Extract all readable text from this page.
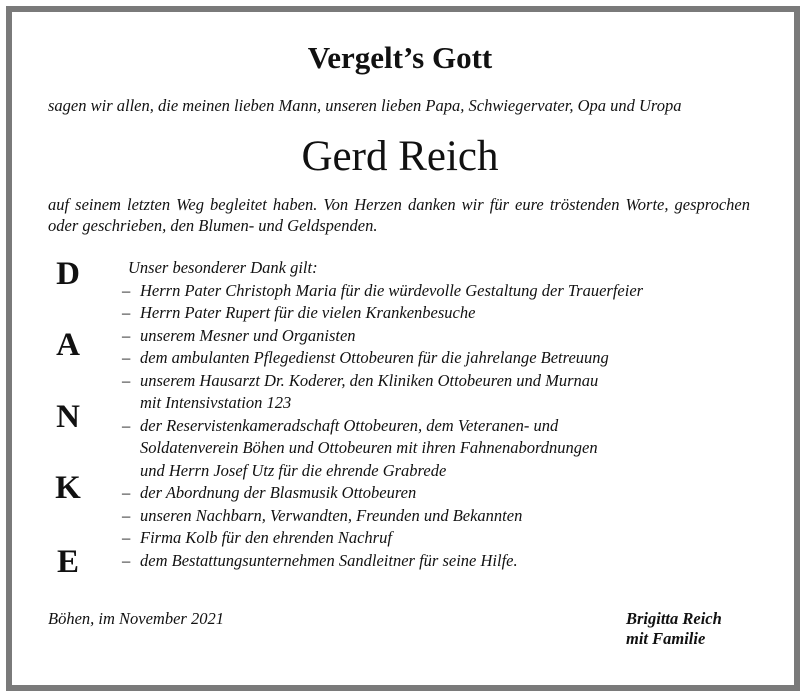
Vergelt’s Gott
sagen wir allen, die meinen lieben Mann, unseren lieben Papa, Schwiegervater, Opa und Uropa
Gerd Reich
auf seinem letzten Weg begleitet haben. Von Herzen danken wir für eure tröstenden Worte, gesprochen oder geschrieben, den Blumen- und Geldspenden.
D
A
N
K
E
Unser besonderer Dank gilt:
– Herrn Pater Christoph Maria für die würdevolle Gestaltung der Trauerfeier
– Herrn Pater Rupert für die vielen Krankenbesuche
– unserem Mesner und Organisten
– dem ambulanten Pflegedienst Ottobeuren für die jahrelange Betreuung
– unserem Hausarzt Dr. Koderer, den Kliniken Ottobeuren und Murnau
mit Intensivstation 123
– der Reservistenkameradschaft Ottobeuren, dem Veteranen- und
Soldatenverein Böhen und Ottobeuren mit ihren Fahnenabordnungen
und Herrn Josef Utz für die ehrende Grabrede
– der Abordnung der Blasmusik Ottobeuren
– unseren Nachbarn, Verwandten, Freunden und Bekannten
– Firma Kolb für den ehrenden Nachruf
– dem Bestattungsunternehmen Sandleitner für seine Hilfe.
Böhen, im November 2021	Brigitta Reich
mit Familie
